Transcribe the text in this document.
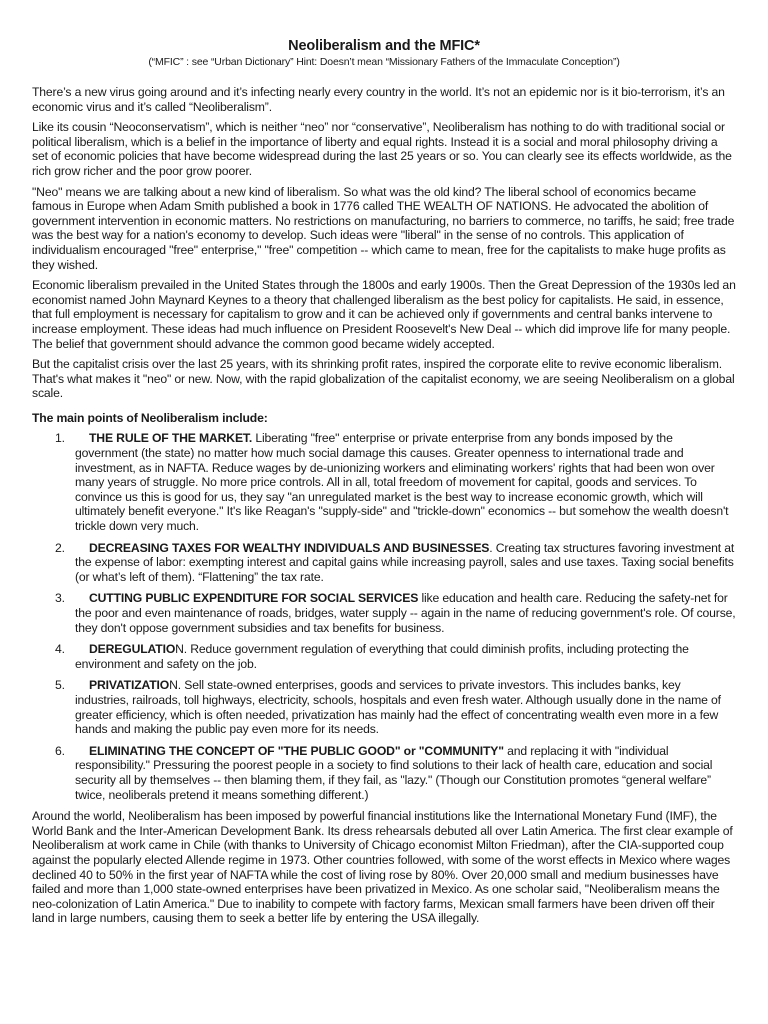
Neoliberalism and the MFIC*
(“MFIC” : see “Urban Dictionary” Hint: Doesn’t mean “Missionary Fathers of the Immaculate Conception”)

There’s a new virus going around and it’s infecting nearly every country in the world. It’s not an epidemic nor is it bio-terrorism, it’s an economic virus and it’s called “Neoliberalism”.

Like its cousin “Neoconservatism”, which is neither “neo” nor “conservative”, Neoliberalism has nothing to do with traditional social or political liberalism, which is a belief in the importance of liberty and equal rights. Instead it is a social and moral philosophy driving a set of economic policies that have become widespread during the last 25 years or so. You can clearly see its effects worldwide, as the rich grow richer and the poor grow poorer.

"Neo" means we are talking about a new kind of liberalism. So what was the old kind? The liberal school of economics became famous in Europe when Adam Smith published a book in 1776 called THE WEALTH OF NATIONS. He advocated the abolition of government intervention in economic matters. No restrictions on manufacturing, no barriers to commerce, no tariffs, he said; free trade was the best way for a nation's economy to develop. Such ideas were "liberal" in the sense of no controls. This application of individualism encouraged "free" enterprise," "free" competition -- which came to mean, free for the capitalists to make huge profits as they wished.

Economic liberalism prevailed in the United States through the 1800s and early 1900s. Then the Great Depression of the 1930s led an economist named John Maynard Keynes to a theory that challenged liberalism as the best policy for capitalists. He said, in essence, that full employment is necessary for capitalism to grow and it can be achieved only if governments and central banks intervene to increase employment. These ideas had much influence on President Roosevelt's New Deal -- which did improve life for many people. The belief that government should advance the common good became widely accepted.

But the capitalist crisis over the last 25 years, with its shrinking profit rates, inspired the corporate elite to revive economic liberalism. That's what makes it "neo" or new. Now, with the rapid globalization of the capitalist economy, we are seeing Neoliberalism on a global scale.

The main points of Neoliberalism include:
1. THE RULE OF THE MARKET. Liberating "free" enterprise or private enterprise from any bonds imposed by the government (the state) no matter how much social damage this causes. Greater openness to international trade and investment, as in NAFTA. Reduce wages by de-unionizing workers and eliminating workers' rights that had been won over many years of struggle. No more price controls. All in all, total freedom of movement for capital, goods and services. To convince us this is good for us, they say "an unregulated market is the best way to increase economic growth, which will ultimately benefit everyone." It's like Reagan's "supply-side" and "trickle-down" economics -- but somehow the wealth doesn't trickle down very much.
2. DECREASING TAXES FOR WEALTHY INDIVIDUALS AND BUSINESSES. Creating tax structures favoring investment at the expense of labor: exempting interest and capital gains while increasing payroll, sales and use taxes. Taxing social benefits (or what’s left of them). “Flattening” the tax rate.
3. CUTTING PUBLIC EXPENDITURE FOR SOCIAL SERVICES like education and health care. Reducing the safety-net for the poor and even maintenance of roads, bridges, water supply -- again in the name of reducing government's role. Of course, they don't oppose government subsidies and tax benefits for business.
4. DEREGULATION. Reduce government regulation of everything that could diminish profits, including protecting the environment and safety on the job.
5. PRIVATIZATION. Sell state-owned enterprises, goods and services to private investors. This includes banks, key industries, railroads, toll highways, electricity, schools, hospitals and even fresh water. Although usually done in the name of greater efficiency, which is often needed, privatization has mainly had the effect of concentrating wealth even more in a few hands and making the public pay even more for its needs.
6. ELIMINATING THE CONCEPT OF "THE PUBLIC GOOD" or "COMMUNITY" and replacing it with "individual responsibility." Pressuring the poorest people in a society to find solutions to their lack of health care, education and social security all by themselves -- then blaming them, if they fail, as "lazy." (Though our Constitution promotes “general welfare” twice, neoliberals pretend it means something different.)

Around the world, Neoliberalism has been imposed by powerful financial institutions like the International Monetary Fund (IMF), the World Bank and the Inter-American Development Bank. Its dress rehearsals debuted all over Latin America. The first clear example of Neoliberalism at work came in Chile (with thanks to University of Chicago economist Milton Friedman), after the CIA-supported coup against the popularly elected Allende regime in 1973. Other countries followed, with some of the worst effects in Mexico where wages declined 40 to 50% in the first year of NAFTA while the cost of living rose by 80%. Over 20,000 small and medium businesses have failed and more than 1,000 state-owned enterprises have been privatized in Mexico. As one scholar said, "Neoliberalism means the neo-colonization of Latin America." Due to inability to compete with factory farms, Mexican small farmers have been driven off their land in large numbers, causing them to seek a better life by entering the USA illegally.
